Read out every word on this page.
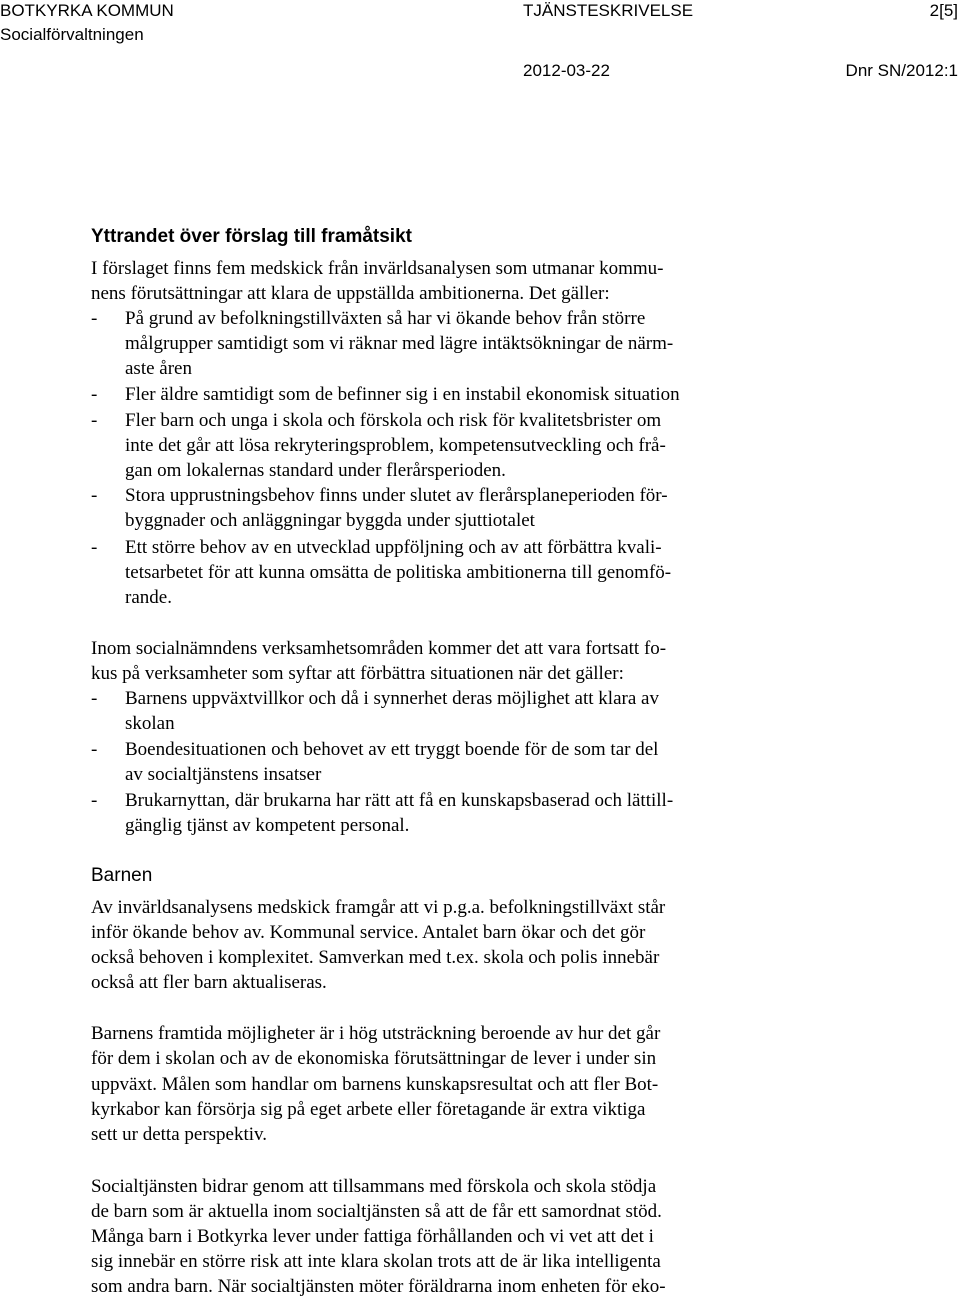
BOTKYRKA KOMMUN
Socialförvaltningen
TJÄNSTESKRIVELSE	2[5]
2012-03-22	Dnr SN/2012:1
Yttrandet över förslag till framåtsikt
I förslaget finns fem medskick från invärldsanalysen som utmanar kommu-
nens förutsättningar att klara de uppställda ambitionerna. Det gäller:
- På grund av befolkningstillväxten så har vi ökande behov från större
målgrupper samtidigt som vi räknar med lägre intäktsökningar de närm-
aste åren
- Fler äldre samtidigt som de befinner sig i en instabil ekonomisk situation
- Fler barn och unga i skola och förskola och risk för kvalitetsbrister om
inte det går att lösa rekryteringsproblem, kompetensutveckling och frå-
gan om lokalernas standard under flerårsperioden.
- Stora upprustningsbehov finns under slutet av flerårsplaneperioden för-
byggnader och anläggningar byggda under sjuttiotalet
- Ett större behov av en utvecklad uppföljning och av att förbättra kvali-
tetsarbetet för att kunna omsätta de politiska ambitionerna till genomfö-
rande.
Inom socialnämndens verksamhetsområden kommer det att vara fortsatt fo-
kus på verksamheter som syftar att förbättra situationen när det gäller:
- Barnens uppväxtvillkor och då i synnerhet deras möjlighet att klara av
skolan
- Boendesituationen och behovet av ett tryggt boende för de som tar del
av socialtjänstens insatser
- Brukarnyttan, där brukarna har rätt att få en kunskapsbaserad och lättill-
gänglig tjänst av kompetent personal.
Barnen
Av invärldsanalysens medskick framgår att vi p.g.a. befolkningstillväxt står
inför ökande behov av. Kommunal service. Antalet barn ökar och det gör
också behoven i komplexitet. Samverkan med t.ex. skola och polis innebär
också att fler barn aktualiseras.
Barnens framtida möjligheter är i hög utsträckning beroende av hur det går
för dem i skolan och av de ekonomiska förutsättningar de lever i under sin
uppväxt. Målen som handlar om barnens kunskapsresultat och att fler Bot-
kyrkabor kan försörja sig på eget arbete eller företagande är extra viktiga
sett ur detta perspektiv.
Socialtjänsten bidrar genom att tillsammans med förskola och skola stödja
de barn som är aktuella inom socialtjänsten så att de får ett samordnat stöd.
Många barn i Botkyrka lever under fattiga förhållanden och vi vet att det i
sig innebär en större risk att inte klara skolan trots att de är lika intelligenta
som andra barn. När socialtjänsten möter föräldrarna inom enheten för eko-
